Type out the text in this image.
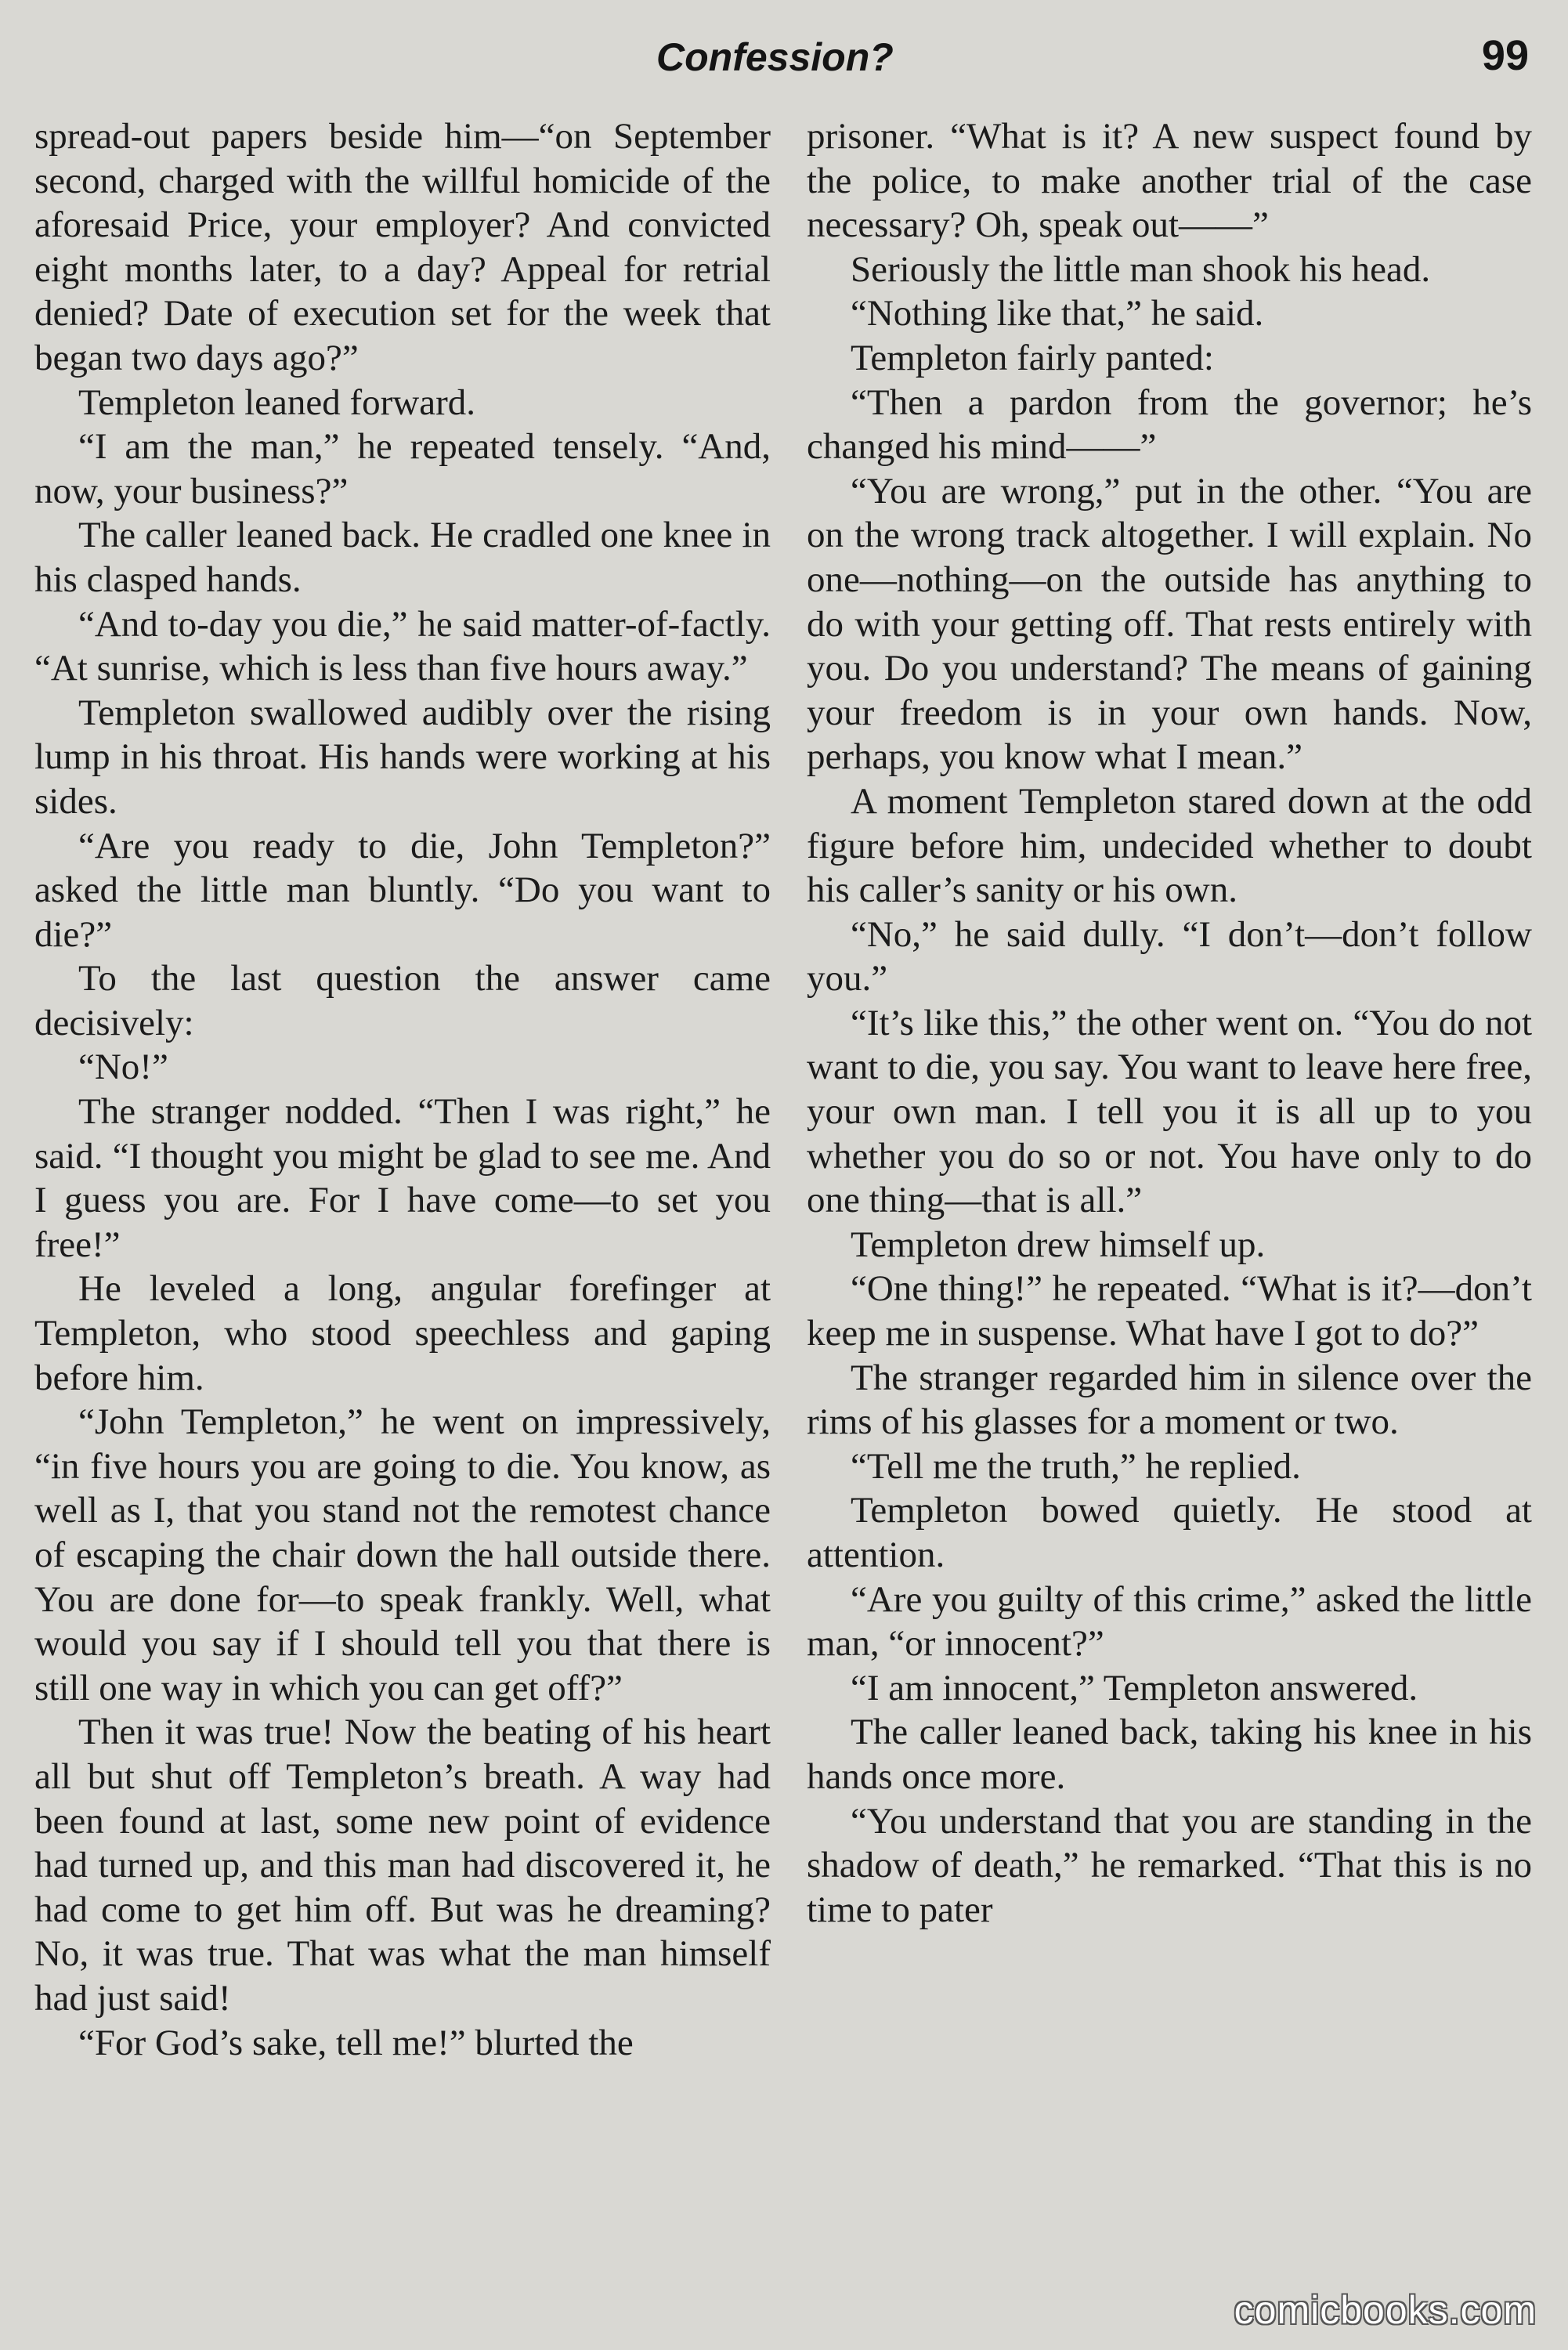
Confession?	99

spread-out papers beside him—“on September second, charged with the willful homicide of the aforesaid Price, your employer? And convicted eight months later, to a day? Appeal for retrial denied? Date of execution set for the week that began two days ago?”

Templeton leaned forward.

“I am the man,” he repeated tensely. “And, now, your business?”

The caller leaned back. He cradled one knee in his clasped hands.

“And to-day you die,” he said matter-of-factly. “At sunrise, which is less than five hours away.”

Templeton swallowed audibly over the rising lump in his throat. His hands were working at his sides.

“Are you ready to die, John Templeton?” asked the little man bluntly. “Do you want to die?”

To the last question the answer came decisively:

“No!”

The stranger nodded. “Then I was right,” he said. “I thought you might be glad to see me. And I guess you are. For I have come—to set you free!”

He leveled a long, angular forefinger at Templeton, who stood speechless and gaping before him.

“John Templeton,” he went on impressively, “in five hours you are going to die. You know, as well as I, that you stand not the remotest chance of escaping the chair down the hall outside there. You are done for—to speak frankly. Well, what would you say if I should tell you that there is still one way in which you can get off?”

Then it was true! Now the beating of his heart all but shut off Templeton’s breath. A way had been found at last, some new point of evidence had turned up, and this man had discovered it, he had come to get him off. But was he dreaming? No, it was true. That was what the man himself had just said!

“For God’s sake, tell me!” blurted the

prisoner. “What is it? A new suspect found by the police, to make another trial of the case necessary? Oh, speak out——”

Seriously the little man shook his head.

“Nothing like that,” he said.

Templeton fairly panted:

“Then a pardon from the governor; he’s changed his mind——”

“You are wrong,” put in the other. “You are on the wrong track altogether. I will explain. No one—nothing—on the outside has anything to do with your getting off. That rests entirely with you. Do you understand? The means of gaining your freedom is in your own hands. Now, perhaps, you know what I mean.”

A moment Templeton stared down at the odd figure before him, undecided whether to doubt his caller’s sanity or his own.

“No,” he said dully. “I don’t—don’t follow you.”

“It’s like this,” the other went on. “You do not want to die, you say. You want to leave here free, your own man. I tell you it is all up to you whether you do so or not. You have only to do one thing—that is all.”

Templeton drew himself up.

“One thing!” he repeated. “What is it?—don’t keep me in suspense. What have I got to do?”

The stranger regarded him in silence over the rims of his glasses for a moment or two.

“Tell me the truth,” he replied.

Templeton bowed quietly. He stood at attention.

“Are you guilty of this crime,” asked the little man, “or innocent?”

“I am innocent,” Templeton answered.

The caller leaned back, taking his knee in his hands once more.

“You understand that you are standing in the shadow of death,” he remarked. “That this is no time to pater

comicbooks.com
